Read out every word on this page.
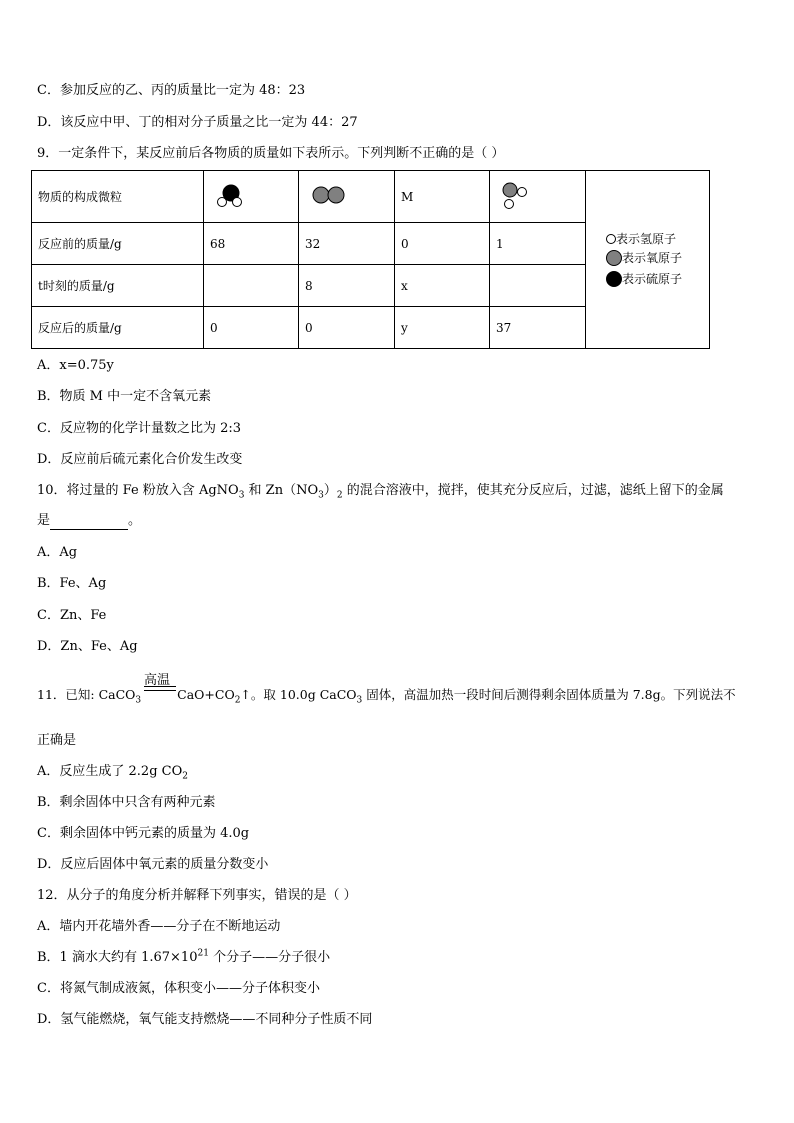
C．参加反应的乙、丙的质量比一定为 48：23
D．该反应中甲、丁的相对分子质量之比一定为 44：27
9．一定条件下，某反应前后各物质的质量如下表所示。下列判断不正确的是（ ）
物质的构成微粒			M		表示氢原子
表示氧原子
表示硫原子

反应前的质量/g	68	32	0	1	
t时刻的质量/g		8	x		
反应后的质量/g	0	0	y	37	
A．x=0.75y
B．物质 M 中一定不含氧元素
C．反应物的化学计量数之比为 2:3
D．反应前后硫元素化合价发生改变
10．将过量的 Fe 粉放入含 AgNO$_3$ 和 $Zn(NO_3)_2$ 的混合溶液中，搅拌，使其充分反应后，过滤，滤纸上留下的金属
是	。
A．Ag
B．Fe、Ag
C．Zn、Fe
D．Zn、Fe、Ag
高温
11．已知: CaCO$_3$	$CaO+CO_2↑$。取 10.0g CaCO$_3$ 固体，高温加热一段时间后测得剩余固体质量为 7.8g。下列说法不
正确是
A．反应生成了 2.2g $CO_2$
B．剩余固体中只含有两种元素
C．剩余固体中钙元素的质量为 4.0g
D．反应后固体中氧元素的质量分数变小
12．从分子的角度分析并解释下列事实，错误的是（ ）
A．墙内开花墙外香——分子在不断地运动
B．1 滴水大约有 $1.67\times 10^{21}$ 个分子——分子很小
C．将氮气制成液氮，体积变小——分子体积变小
D．氢气能燃烧，氧气能支持燃烧——不同种分子性质不同
